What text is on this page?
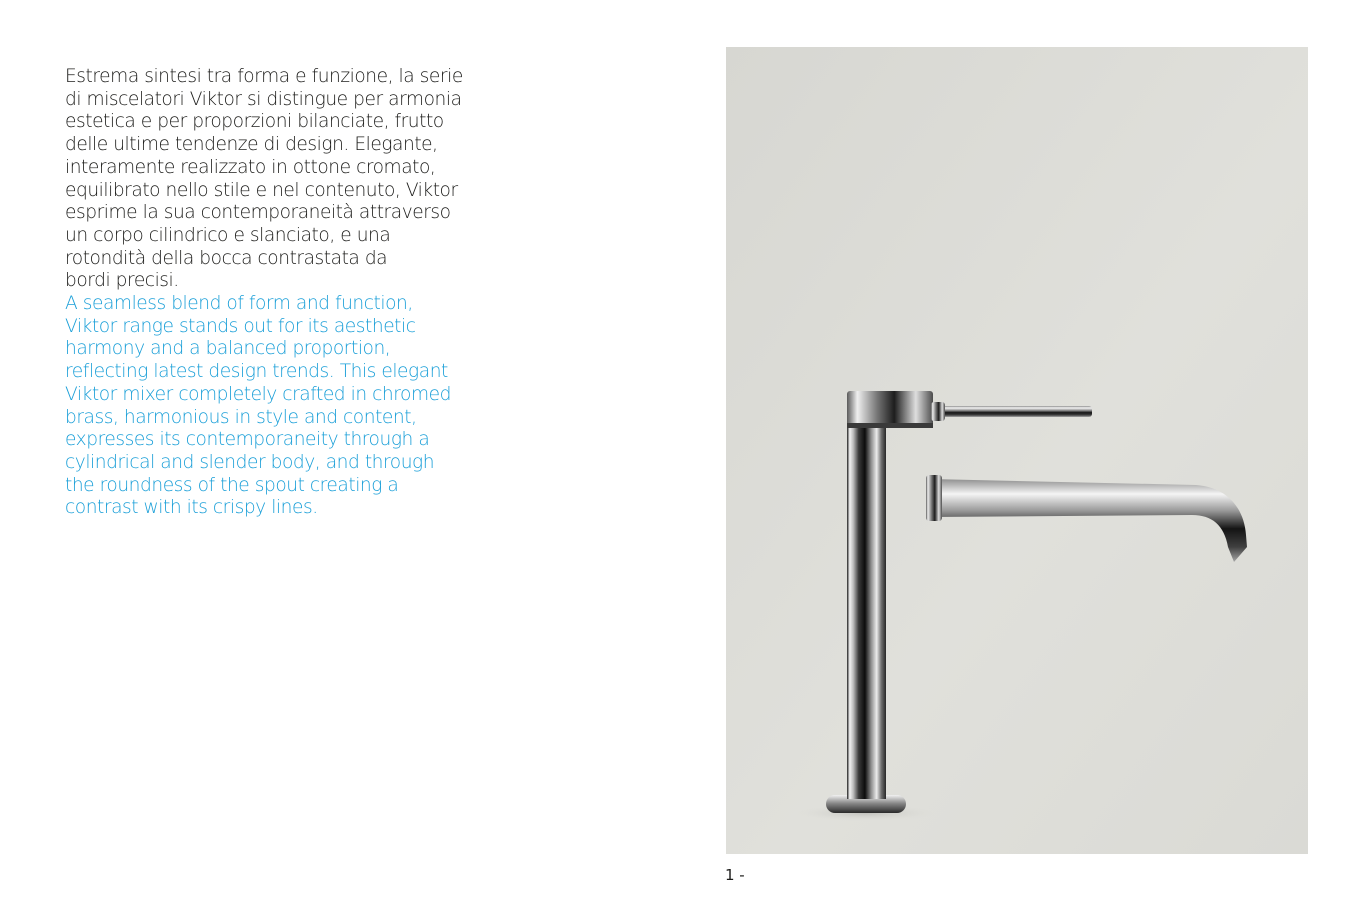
Estrema sintesi tra forma e funzione, la serie
di miscelatori Viktor si distingue per armonia
estetica e per proporzioni bilanciate, frutto
delle ultime tendenze di design. Elegante,
interamente realizzato in ottone cromato,
equilibrato nello stile e nel contenuto, Viktor
esprime la sua contemporaneità attraverso
un corpo cilindrico e slanciato, e una
rotondità della bocca contrastata da
bordi precisi.

A seamless blend of form and function,
Viktor range stands out for its aesthetic
harmony and a balanced proportion,
reflecting latest design trends. This elegant
Viktor mixer completely crafted in chromed
brass, harmonious in style and content,
expresses its contemporaneity through a
cylindrical and slender body, and through
the roundness of the spout creating a
contrast with its crispy lines.

1 -
